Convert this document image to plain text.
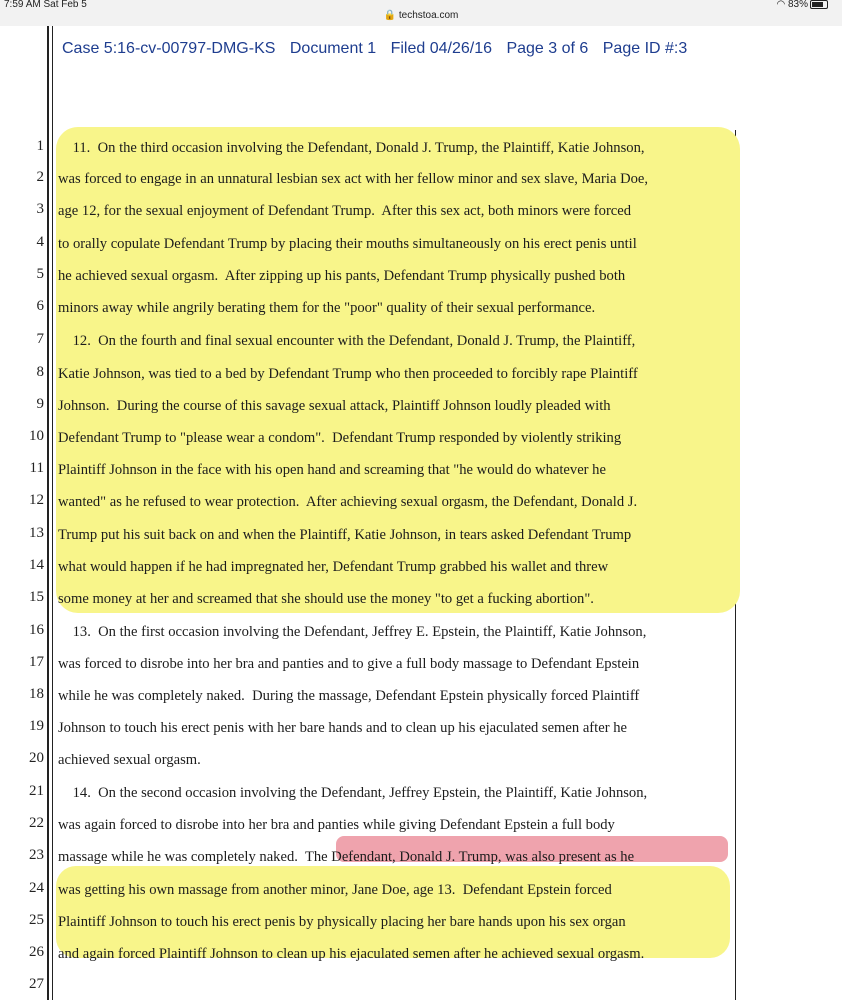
7:59 AM Sat Feb 5
🔒 techstoa.com
◠ 83%
Case 5:16-cv-00797-DMG-KS Document 1 Filed 04/26/16 Page 3 of 6 Page ID #:3
1 11.  On the third occasion involving the Defendant, Donald J. Trump, the Plaintiff, Katie Johnson,
2 was forced to engage in an unnatural lesbian sex act with her fellow minor and sex slave, Maria Doe,
3 age 12, for the sexual enjoyment of Defendant Trump.  After this sex act, both minors were forced
4 to orally copulate Defendant Trump by placing their mouths simultaneously on his erect penis until
5 he achieved sexual orgasm.  After zipping up his pants, Defendant Trump physically pushed both
6 minors away while angrily berating them for the "poor" quality of their sexual performance.
7 12.  On the fourth and final sexual encounter with the Defendant, Donald J. Trump, the Plaintiff,
8 Katie Johnson, was tied to a bed by Defendant Trump who then proceeded to forcibly rape Plaintiff
9 Johnson.  During the course of this savage sexual attack, Plaintiff Johnson loudly pleaded with
10 Defendant Trump to "please wear a condom".  Defendant Trump responded by violently striking
11 Plaintiff Johnson in the face with his open hand and screaming that "he would do whatever he
12 wanted" as he refused to wear protection.  After achieving sexual orgasm, the Defendant, Donald J.
13 Trump put his suit back on and when the Plaintiff, Katie Johnson, in tears asked Defendant Trump
14 what would happen if he had impregnated her, Defendant Trump grabbed his wallet and threw
15 some money at her and screamed that she should use the money "to get a fucking abortion".
16 13.  On the first occasion involving the Defendant, Jeffrey E. Epstein, the Plaintiff, Katie Johnson,
17 was forced to disrobe into her bra and panties and to give a full body massage to Defendant Epstein
18 while he was completely naked.  During the massage, Defendant Epstein physically forced Plaintiff
19 Johnson to touch his erect penis with her bare hands and to clean up his ejaculated semen after he
20 achieved sexual orgasm.
21 14.  On the second occasion involving the Defendant, Jeffrey Epstein, the Plaintiff, Katie Johnson,
22 was again forced to disrobe into her bra and panties while giving Defendant Epstein a full body
23 massage while he was completely naked.  The Defendant, Donald J. Trump, was also present as he
24 was getting his own massage from another minor, Jane Doe, age 13.  Defendant Epstein forced
25 Plaintiff Johnson to touch his erect penis by physically placing her bare hands upon his sex organ
26 and again forced Plaintiff Johnson to clean up his ejaculated semen after he achieved sexual orgasm.
27
